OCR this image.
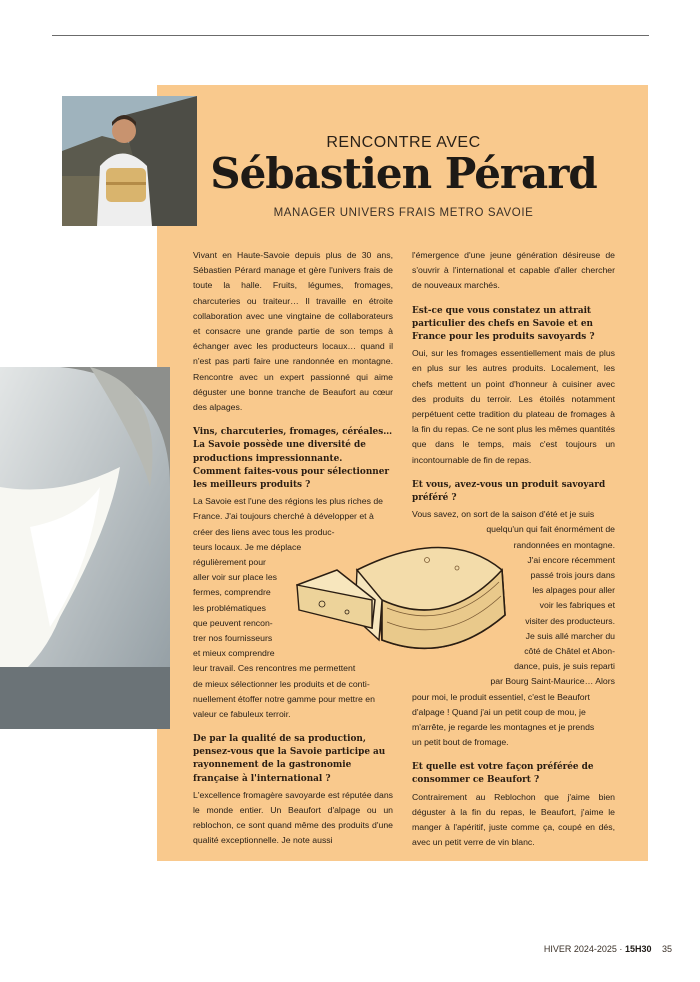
RENCONTRE AVEC
Sébastien Pérard
MANAGER UNIVERS FRAIS METRO SAVOIE

Vivant en Haute-Savoie depuis plus de 30 ans, Sébastien Pérard manage et gère l'univers frais de toute la halle. Fruits, légumes, fromages, charcuteries ou traiteur… Il travaille en étroite collaboration avec une vingtaine de collaborateurs et consacre une grande partie de son temps à échanger avec les producteurs locaux… quand il n'est pas parti faire une randonnée en montagne. Rencontre avec un expert passionné qui aime déguster une bonne tranche de Beaufort au cœur des alpages.

Vins, charcuteries, fromages, céréales… La Savoie possède une diversité de productions impressionnante. Comment faites-vous pour sélectionner les meilleurs produits ?

La Savoie est l'une des régions les plus riches de
France. J'ai toujours cherché à développer et à
créer des liens avec tous les produc-
teurs locaux. Je me déplace
régulièrement pour
aller voir sur place les
fermes, comprendre
les problématiques
que peuvent rencon-
trer nos fournisseurs
et mieux comprendre
leur travail. Ces rencontres me permettent
de mieux sélectionner les produits et de conti-
nuellement étoffer notre gamme pour mettre en
valeur ce fabuleux terroir.

De par la qualité de sa production, pensez-vous que la Savoie participe au rayonnement de la gastronomie française à l'international ?

L'excellence fromagère savoyarde est réputée dans le monde entier. Un Beaufort d'alpage ou un reblochon, ce sont quand même des produits d'une qualité exceptionnelle. Je note aussi

l'émergence d'une jeune génération désireuse de s'ouvrir à l'international et capable d'aller chercher de nouveaux marchés.

Est-ce que vous constatez un attrait particulier des chefs en Savoie et en France pour les produits savoyards ?

Oui, sur les fromages essentiellement mais de plus en plus sur les autres produits. Localement, les chefs mettent un point d'honneur à cuisiner avec des produits du terroir. Les étoilés notamment perpétuent cette tradition du plateau de fromages à la fin du repas. Ce ne sont plus les mêmes quantités que dans le temps, mais c'est toujours un incontournable de fin de repas.

Et vous, avez-vous un produit savoyard préféré ?

Vous savez, on sort de la saison d'été et je suis
quelqu'un qui fait énormément de
randonnées en montagne.
J'ai encore récemment
passé trois jours dans
les alpages pour aller
voir les fabriques et
visiter des producteurs.
Je suis allé marcher du
côté de Châtel et Abon-
dance, puis, je suis reparti
par Bourg Saint-Maurice… Alors
pour moi, le produit essentiel, c'est le Beaufort
d'alpage ! Quand j'ai un petit coup de mou, je
m'arrête, je regarde les montagnes et je prends
un petit bout de fromage.

Et quelle est votre façon préférée de consommer ce Beaufort ?

Contrairement au Reblochon que j'aime bien déguster à la fin du repas, le Beaufort, j'aime le manger à l'apéritif, juste comme ça, coupé en dés, avec un petit verre de vin blanc.

HIVER 2024-2025 · 15H30 35
